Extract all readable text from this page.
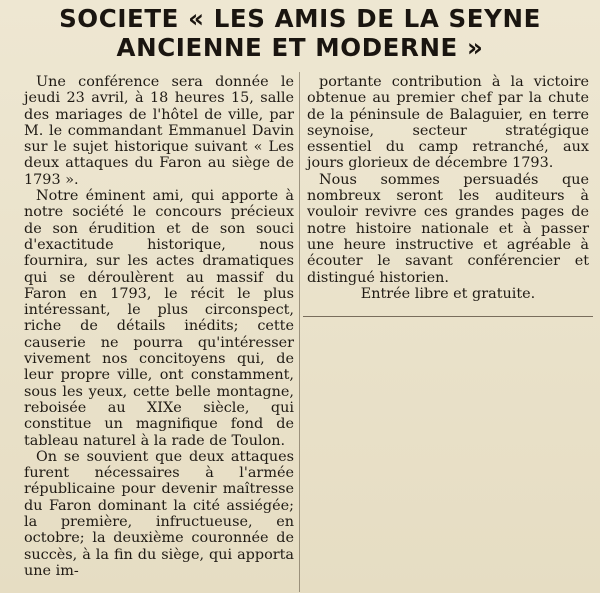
SOCIETE « LES AMIS DE LA SEYNE
ANCIENNE ET MODERNE »

Une conférence sera donnée le jeudi 23 avril, à 18 heures 15, salle des mariages de l'hôtel de ville, par M. le commandant Emmanuel Davin sur le sujet historique suivant « Les deux attaques du Faron au siège de 1793 ».

Notre éminent ami, qui apporte à notre société le concours précieux de son érudition et de son souci d'exactitude historique, nous fournira, sur les actes dramatiques qui se déroulèrent au massif du Faron en 1793, le récit le plus intéressant, le plus circonspect, riche de détails inédits; cette causerie ne pourra qu'intéresser vivement nos concitoyens qui, de leur propre ville, ont constamment, sous les yeux, cette belle montagne, reboisée au XIXe siècle, qui constitue un magnifique fond de tableau naturel à la rade de Toulon.

On se souvient que deux attaques furent nécessaires à l'armée républicaine pour devenir maîtresse du Faron dominant la cité assiégée; la première, infructueuse, en octobre; la deuxième couronnée de succès, à la fin du siège, qui apporta une im-

portante contribution à la victoire obtenue au premier chef par la chute de la péninsule de Balaguier, en terre seynoise, secteur stratégique essentiel du camp retranché, aux jours glorieux de décembre 1793.

Nous sommes persuadés que nombreux seront les auditeurs à vouloir revivre ces grandes pages de notre histoire nationale et à passer une heure instructive et agréable à écouter le savant conférencier et distingué historien.

Entrée libre et gratuite.
